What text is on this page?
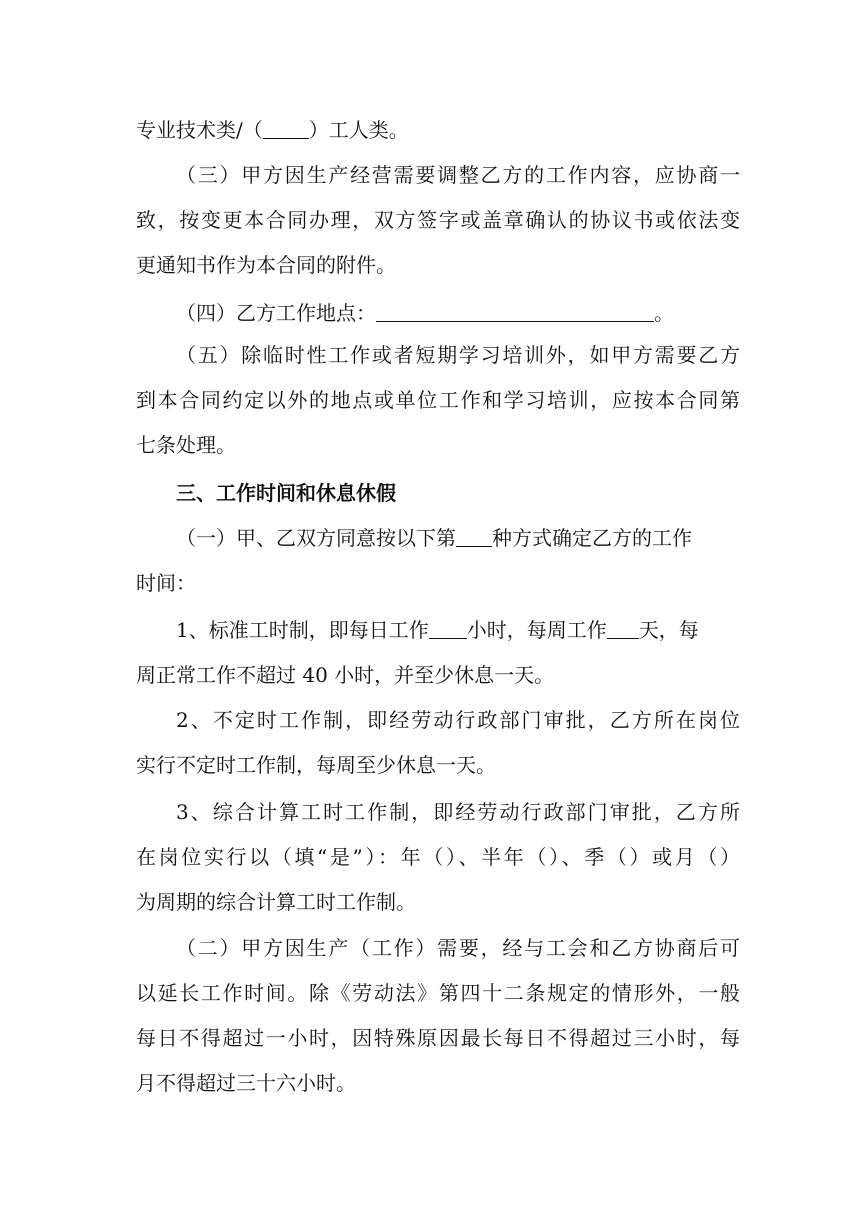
专业技术类/（ ）工人类。
（三）甲方因生产经营需要调整乙方的工作内容，应协商一
致，按变更本合同办理，双方签字或盖章确认的协议书或依法变
更通知书作为本合同的附件。
（四）乙方工作地点：	。
（五）除临时性工作或者短期学习培训外，如甲方需要乙方
到本合同约定以外的地点或单位工作和学习培训，应按本合同第
七条处理。
三、工作时间和休息休假
（一）甲、乙双方同意按以下第 种方式确定乙方的工作
时间：
1、标准工时制，即每日工作 小时，每周工作 天，每
周正常工作不超过 40 小时，并至少休息一天。
2、不定时工作制，即经劳动行政部门审批，乙方所在岗位
实行不定时工作制，每周至少休息一天。
3、综合计算工时工作制，即经劳动行政部门审批，乙方所
在岗位实行以（填“是”）：年（）、半年（）、季（）或月（）
为周期的综合计算工时工作制。
（二）甲方因生产（工作）需要，经与工会和乙方协商后可
以延长工作时间。除《劳动法》第四十二条规定的情形外，一般
每日不得超过一小时，因特殊原因最长每日不得超过三小时，每
月不得超过三十六小时。
